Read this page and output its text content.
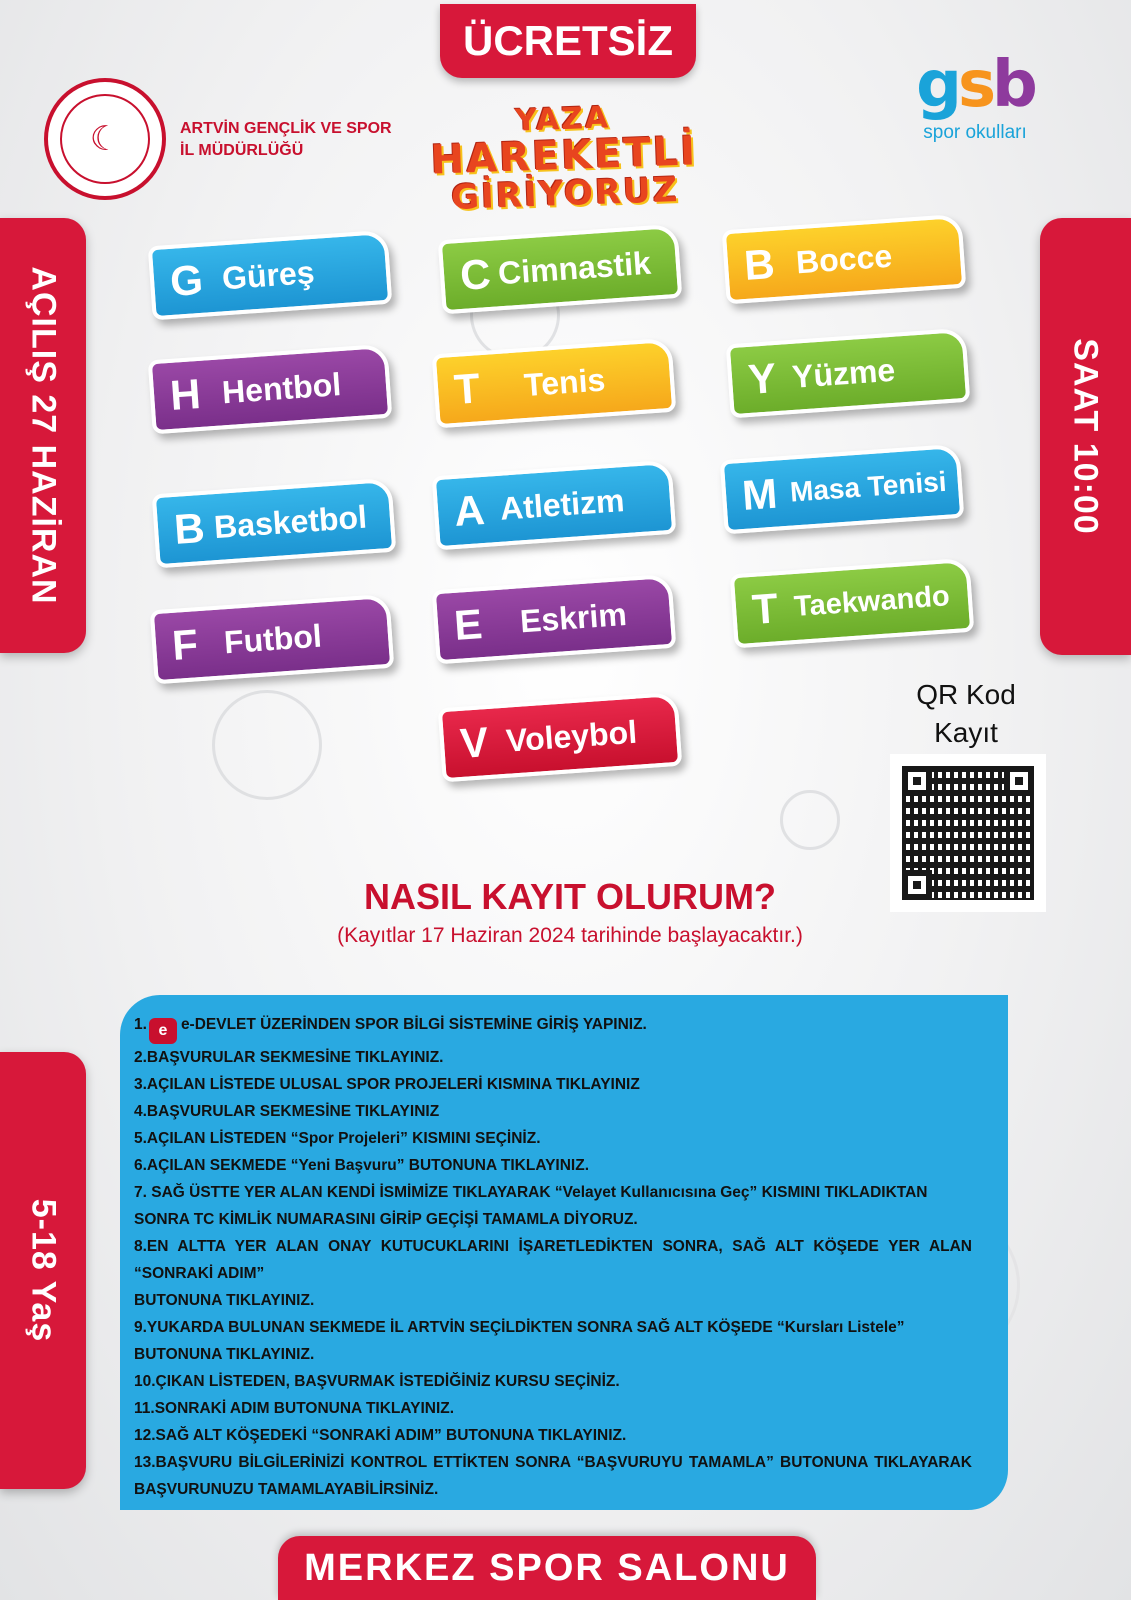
ÜCRETSİZ
☾	ARTVİN GENÇLİK VE SPOR
İL MÜDÜRLÜĞÜ
YAZA
HAREKETLİ
GİRİYORUZ
gsb
spor okulları
AÇILIŞ 27 HAZİRAN	SAAT 10:00
5-18 Yaş
G Güreş	C Cimnastik B Bocce
H Hentbol	T	Tenis	Y Yüzme
B Basketbol A Atletizm	M Masa Tenisi
F Futbol	E	Eskrim	T Taekwando
V Voleybol
QR Kod
Kayıt
NASIL KAYIT OLURUM?
(Kayıtlar 17 Haziran 2024 tarihinde başlayacaktır.)

1. e e-DEVLET ÜZERİNDEN SPOR BİLGİ SİSTEMİNE GİRİŞ YAPINIZ.

2.BAŞVURULAR SEKMESİNE TIKLAYINIZ.

3.AÇILAN LİSTEDE ULUSAL SPOR PROJELERİ KISMINA TIKLAYINIZ

4.BAŞVURULAR SEKMESİNE TIKLAYINIZ

5.AÇILAN LİSTEDEN “Spor Projeleri” KISMINI SEÇİNİZ.

6.AÇILAN SEKMEDE “Yeni Başvuru” BUTONUNA TIKLAYINIZ.

7. SAĞ ÜSTTE YER ALAN KENDİ İSMİMİZE TIKLAYARAK “Velayet Kullanıcısına Geç” KISMINI TIKLADIKTAN

SONRA TC KİMLİK NUMARASINI GİRİP GEÇİŞİ TAMAMLA DİYORUZ.

8.EN ALTTA YER ALAN ONAY KUTUCUKLARINI İŞARETLEDİKTEN SONRA, SAĞ ALT KÖŞEDE YER ALAN “SONRAKİ ADIM”

BUTONUNA TIKLAYINIZ.

9.YUKARDA BULUNAN SEKMEDE İL ARTVİN SEÇİLDİKTEN SONRA SAĞ ALT KÖŞEDE “Kursları Listele”

BUTONUNA TIKLAYINIZ.

10.ÇIKAN LİSTEDEN, BAŞVURMAK İSTEDİĞİNİZ KURSU SEÇİNİZ.

11.SONRAKİ ADIM BUTONUNA TIKLAYINIZ.

12.SAĞ ALT KÖŞEDEKİ “SONRAKİ ADIM” BUTONUNA TIKLAYINIZ.

13.BAŞVURU BİLGİLERİNİZİ KONTROL ETTİKTEN SONRA “BAŞVURUYU TAMAMLA” BUTONUNA TIKLAYARAK BAŞVURUNUZU TAMAMLAYABİLİRSİNİZ.

MERKEZ SPOR SALONU
